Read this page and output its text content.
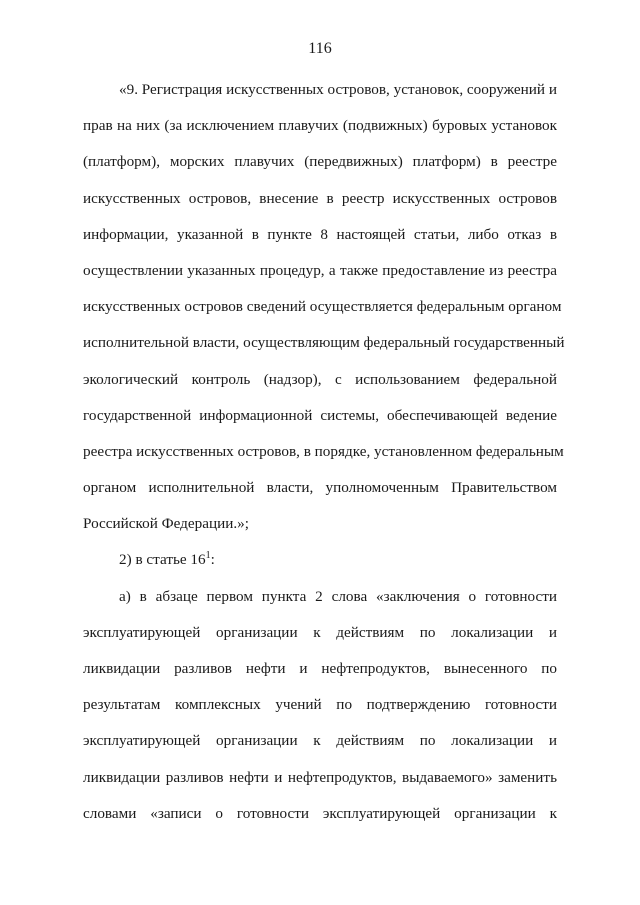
116
«9. Регистрация искусственных островов, установок, сооружений и
прав на них (за исключением плавучих (подвижных) буровых установок
(платформ), морских плавучих (передвижных) платформ) в реестре
искусственных островов, внесение в реестр искусственных островов
информации, указанной в пункте 8 настоящей статьи, либо отказ в
осуществлении указанных процедур, а также предоставление из реестра
искусственных островов сведений осуществляется федеральным органом
исполнительной власти, осуществляющим федеральный государственный
экологический контроль (надзор), с использованием федеральной
государственной информационной системы, обеспечивающей ведение
реестра искусственных островов, в порядке, установленном федеральным
органом исполнительной власти, уполномоченным Правительством
Российской Федерации.»;
2) в статье $16^1$:
а) в абзаце первом пункта 2 слова «заключения о готовности
эксплуатирующей организации к действиям по локализации и
ликвидации разливов нефти и нефтепродуктов, вынесенного по
результатам комплексных учений по подтверждению готовности
эксплуатирующей организации к действиям по локализации и
ликвидации разливов нефти и нефтепродуктов, выдаваемого» заменить
словами «записи о готовности эксплуатирующей организации к
